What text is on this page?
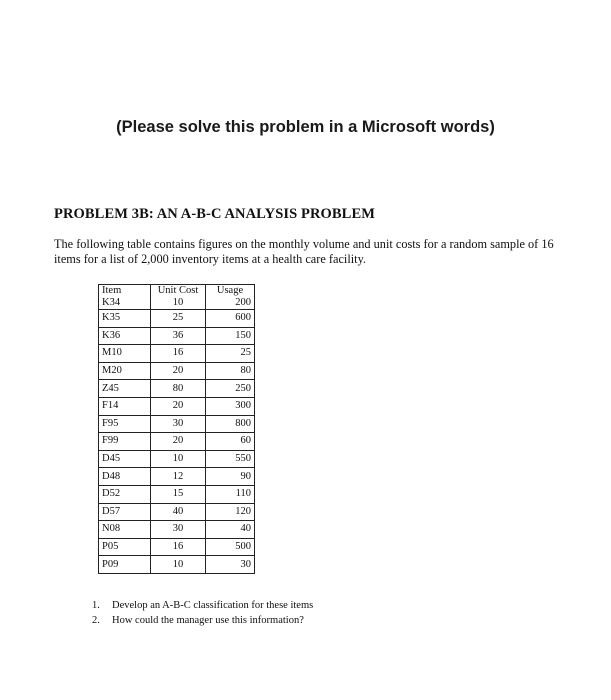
(Please solve this problem in a Microsoft words)
PROBLEM 3B: AN A-B-C ANALYSIS PROBLEM
The following table contains figures on the monthly volume and unit costs for a random sample of 16 items for a list of 2,000 inventory items at a health care facility.
Item	Unit Cost	Usage
K34	10	200
K35	25	600
K36	36	150
M10	16	25
M20	20	80
Z45	80	250
F14	20	300
F95	30	800
F99	20	60
D45	10	550
D48	12	90
D52	15	110
D57	40	120
N08	30	40
P05	16	500
P09	10	30
1. Develop an A-B-C classification for these items
2. How could the manager use this information?
